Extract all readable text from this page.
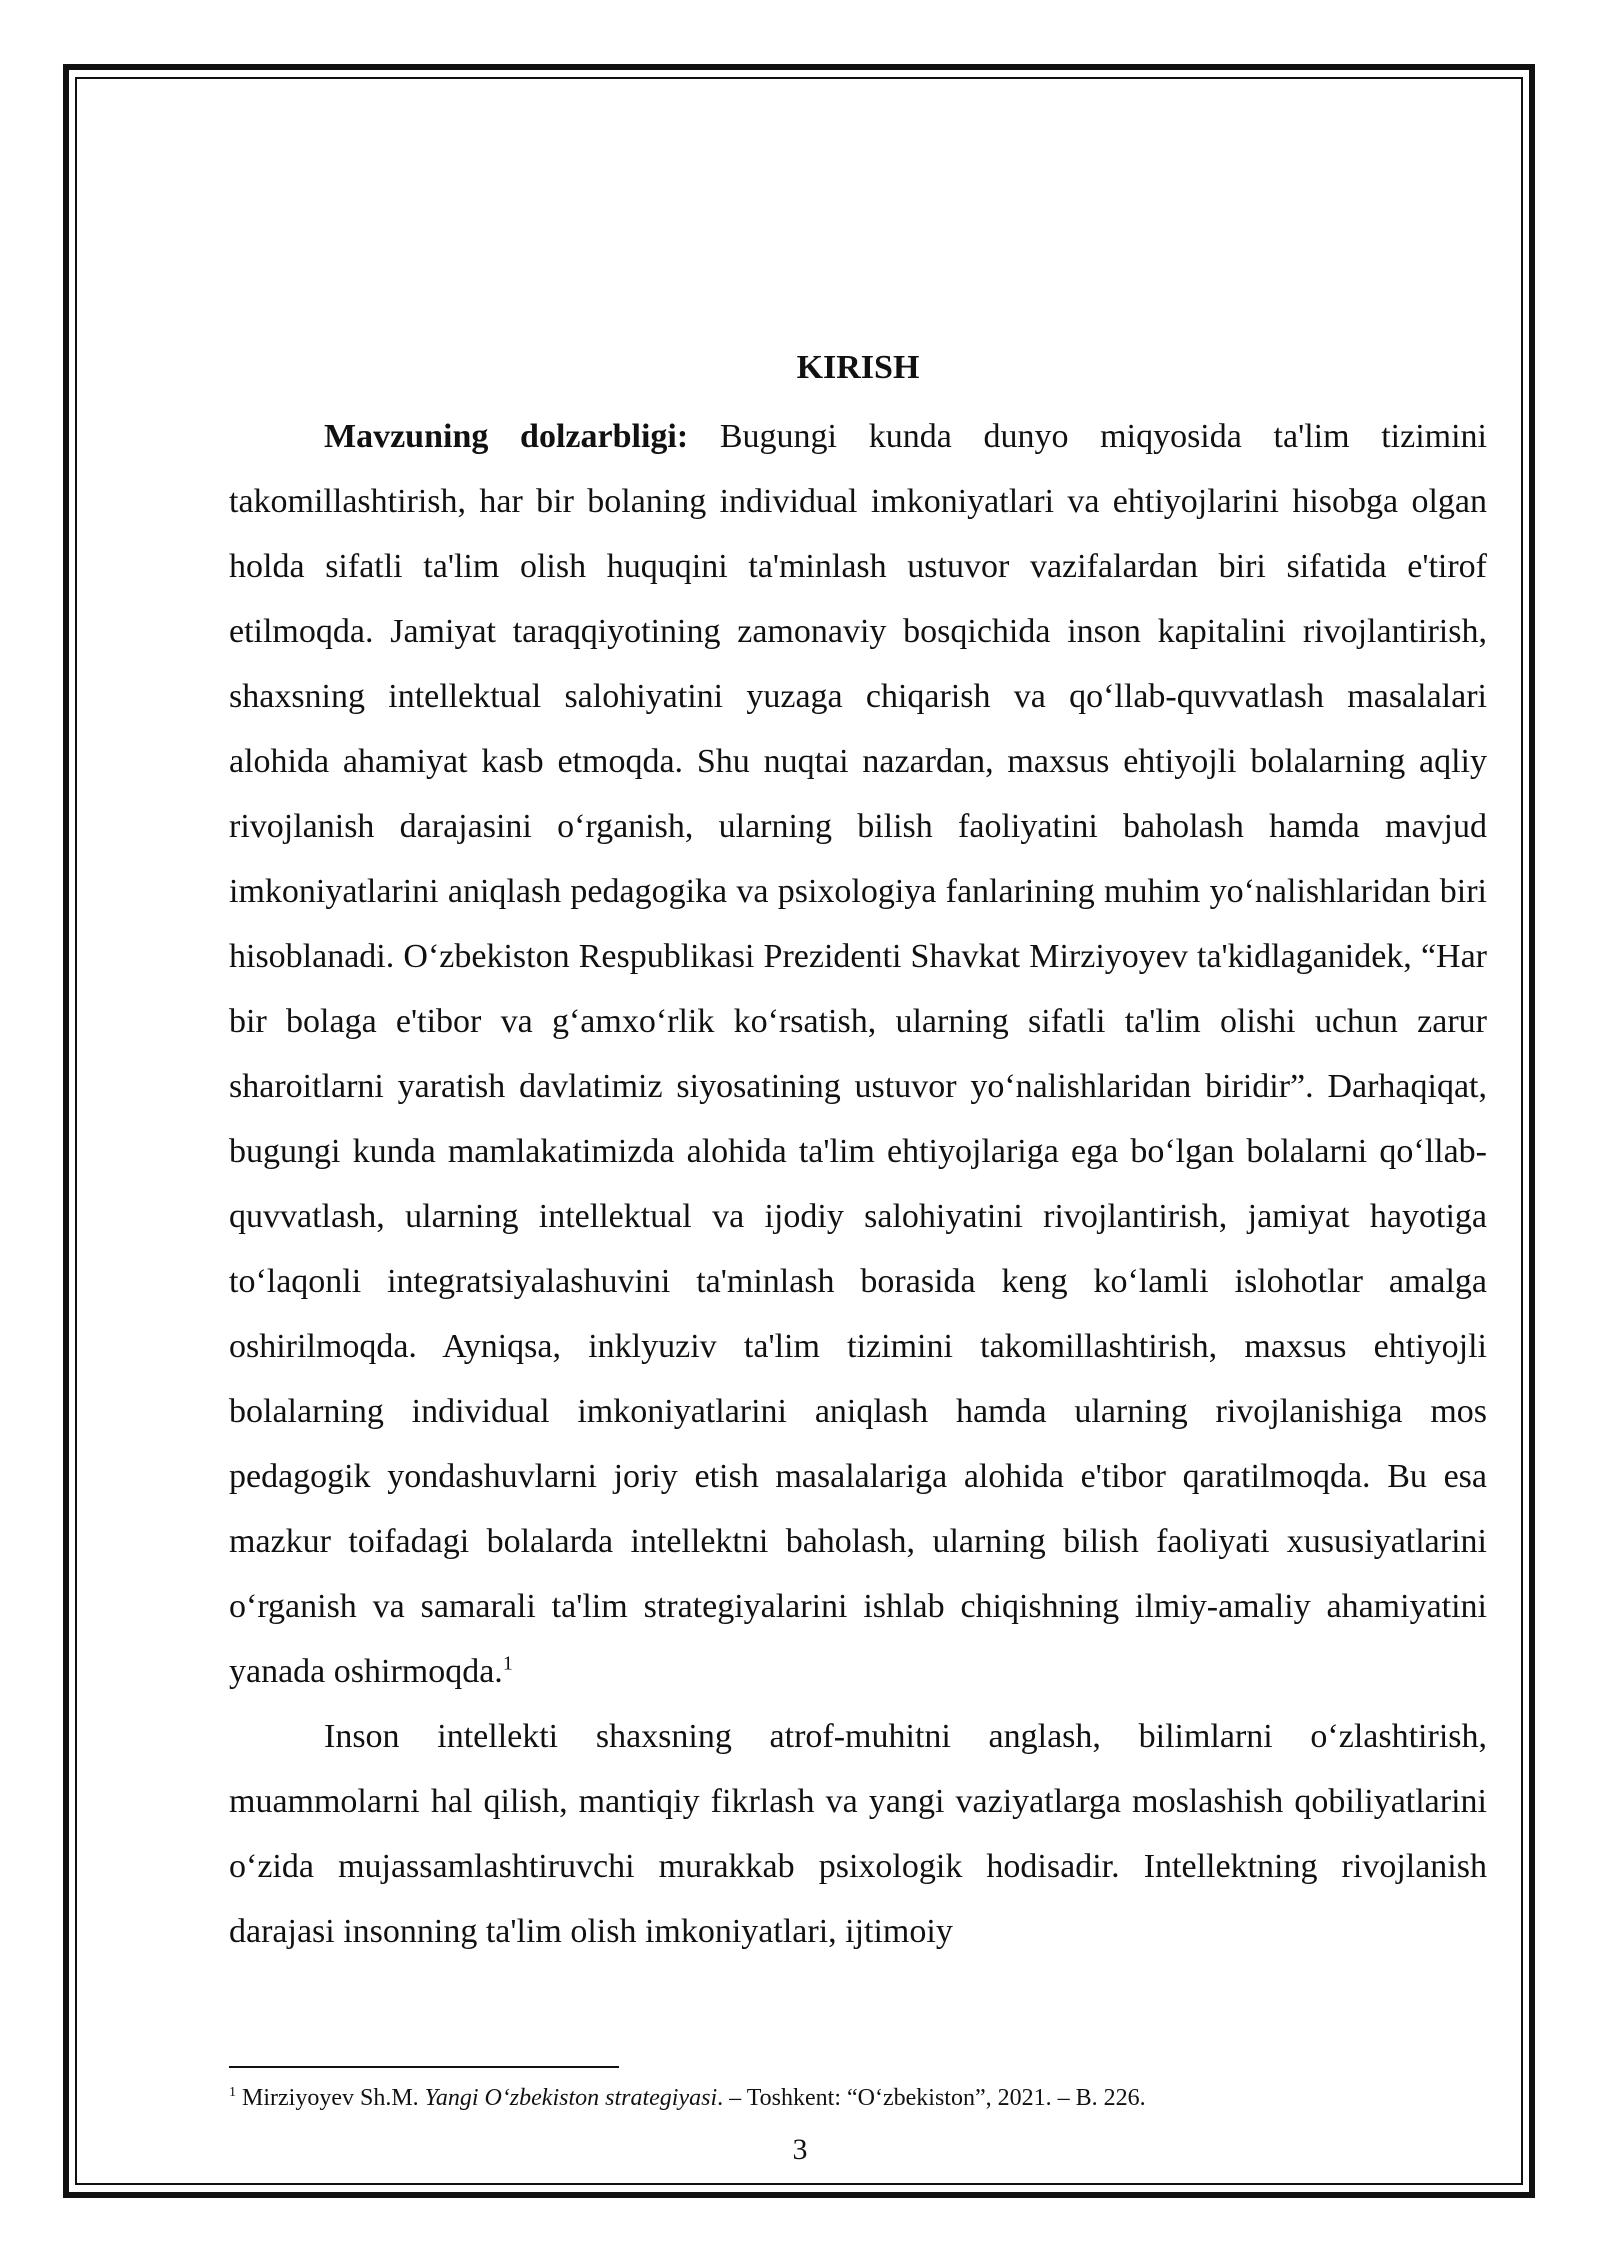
KIRISH

Mavzuning dolzarbligi: Bugungi kunda dunyo miqyosida ta'lim tizimini takomillashtirish, har bir bolaning individual imkoniyatlari va ehtiyojlarini hisobga olgan holda sifatli ta'lim olish huquqini ta'minlash ustuvor vazifalardan biri sifatida e'tirof etilmoqda. Jamiyat taraqqiyotining zamonaviy bosqichida inson kapitalini rivojlantirish, shaxsning intellektual salohiyatini yuzaga chiqarish va qo‘llab-quvvatlash masalalari alohida ahamiyat kasb etmoqda. Shu nuqtai nazardan, maxsus ehtiyojli bolalarning aqliy rivojlanish darajasini o‘rganish, ularning bilish faoliyatini baholash hamda mavjud imkoniyatlarini aniqlash pedagogika va psixologiya fanlarining muhim yo‘nalishlaridan biri hisoblanadi. O‘zbekiston Respublikasi Prezidenti Shavkat Mirziyoyev ta'kidlaganidek, “Har bir bolaga e'tibor va g‘amxo‘rlik ko‘rsatish, ularning sifatli ta'lim olishi uchun zarur sharoitlarni yaratish davlatimiz siyosatining ustuvor yo‘nalishlaridan biridir”. Darhaqiqat, bugungi kunda mamlakatimizda alohida ta'lim ehtiyojlariga ega bo‘lgan bolalarni qo‘llab-quvvatlash, ularning intellektual va ijodiy salohiyatini rivojlantirish, jamiyat hayotiga to‘laqonli integratsiyalashuvini ta'minlash borasida keng ko‘lamli islohotlar amalga oshirilmoqda. Ayniqsa, inklyuziv ta'lim tizimini takomillashtirish, maxsus ehtiyojli bolalarning individual imkoniyatlarini aniqlash hamda ularning rivojlanishiga mos pedagogik yondashuvlarni joriy etish masalalariga alohida e'tibor qaratilmoqda. Bu esa mazkur toifadagi bolalarda intellektni baholash, ularning bilish faoliyati xususiyatlarini o‘rganish va samarali ta'lim strategiyalarini ishlab chiqishning ilmiy-amaliy ahamiyatini yanada oshirmoqda.$^1$

Inson intellekti shaxsning atrof-muhitni anglash, bilimlarni o‘zlashtirish, muammolarni hal qilish, mantiqiy fikrlash va yangi vaziyatlarga moslashish qobiliyatlarini o‘zida mujassamlashtiruvchi murakkab psixologik hodisadir. Intellektning rivojlanish darajasi insonning ta'lim olish imkoniyatlari, ijtimoiy

$^1$ Mirziyoyev Sh.M. Yangi O‘zbekiston strategiyasi. – Toshkent: “O‘zbekiston”, 2021. – B. 226.
3
